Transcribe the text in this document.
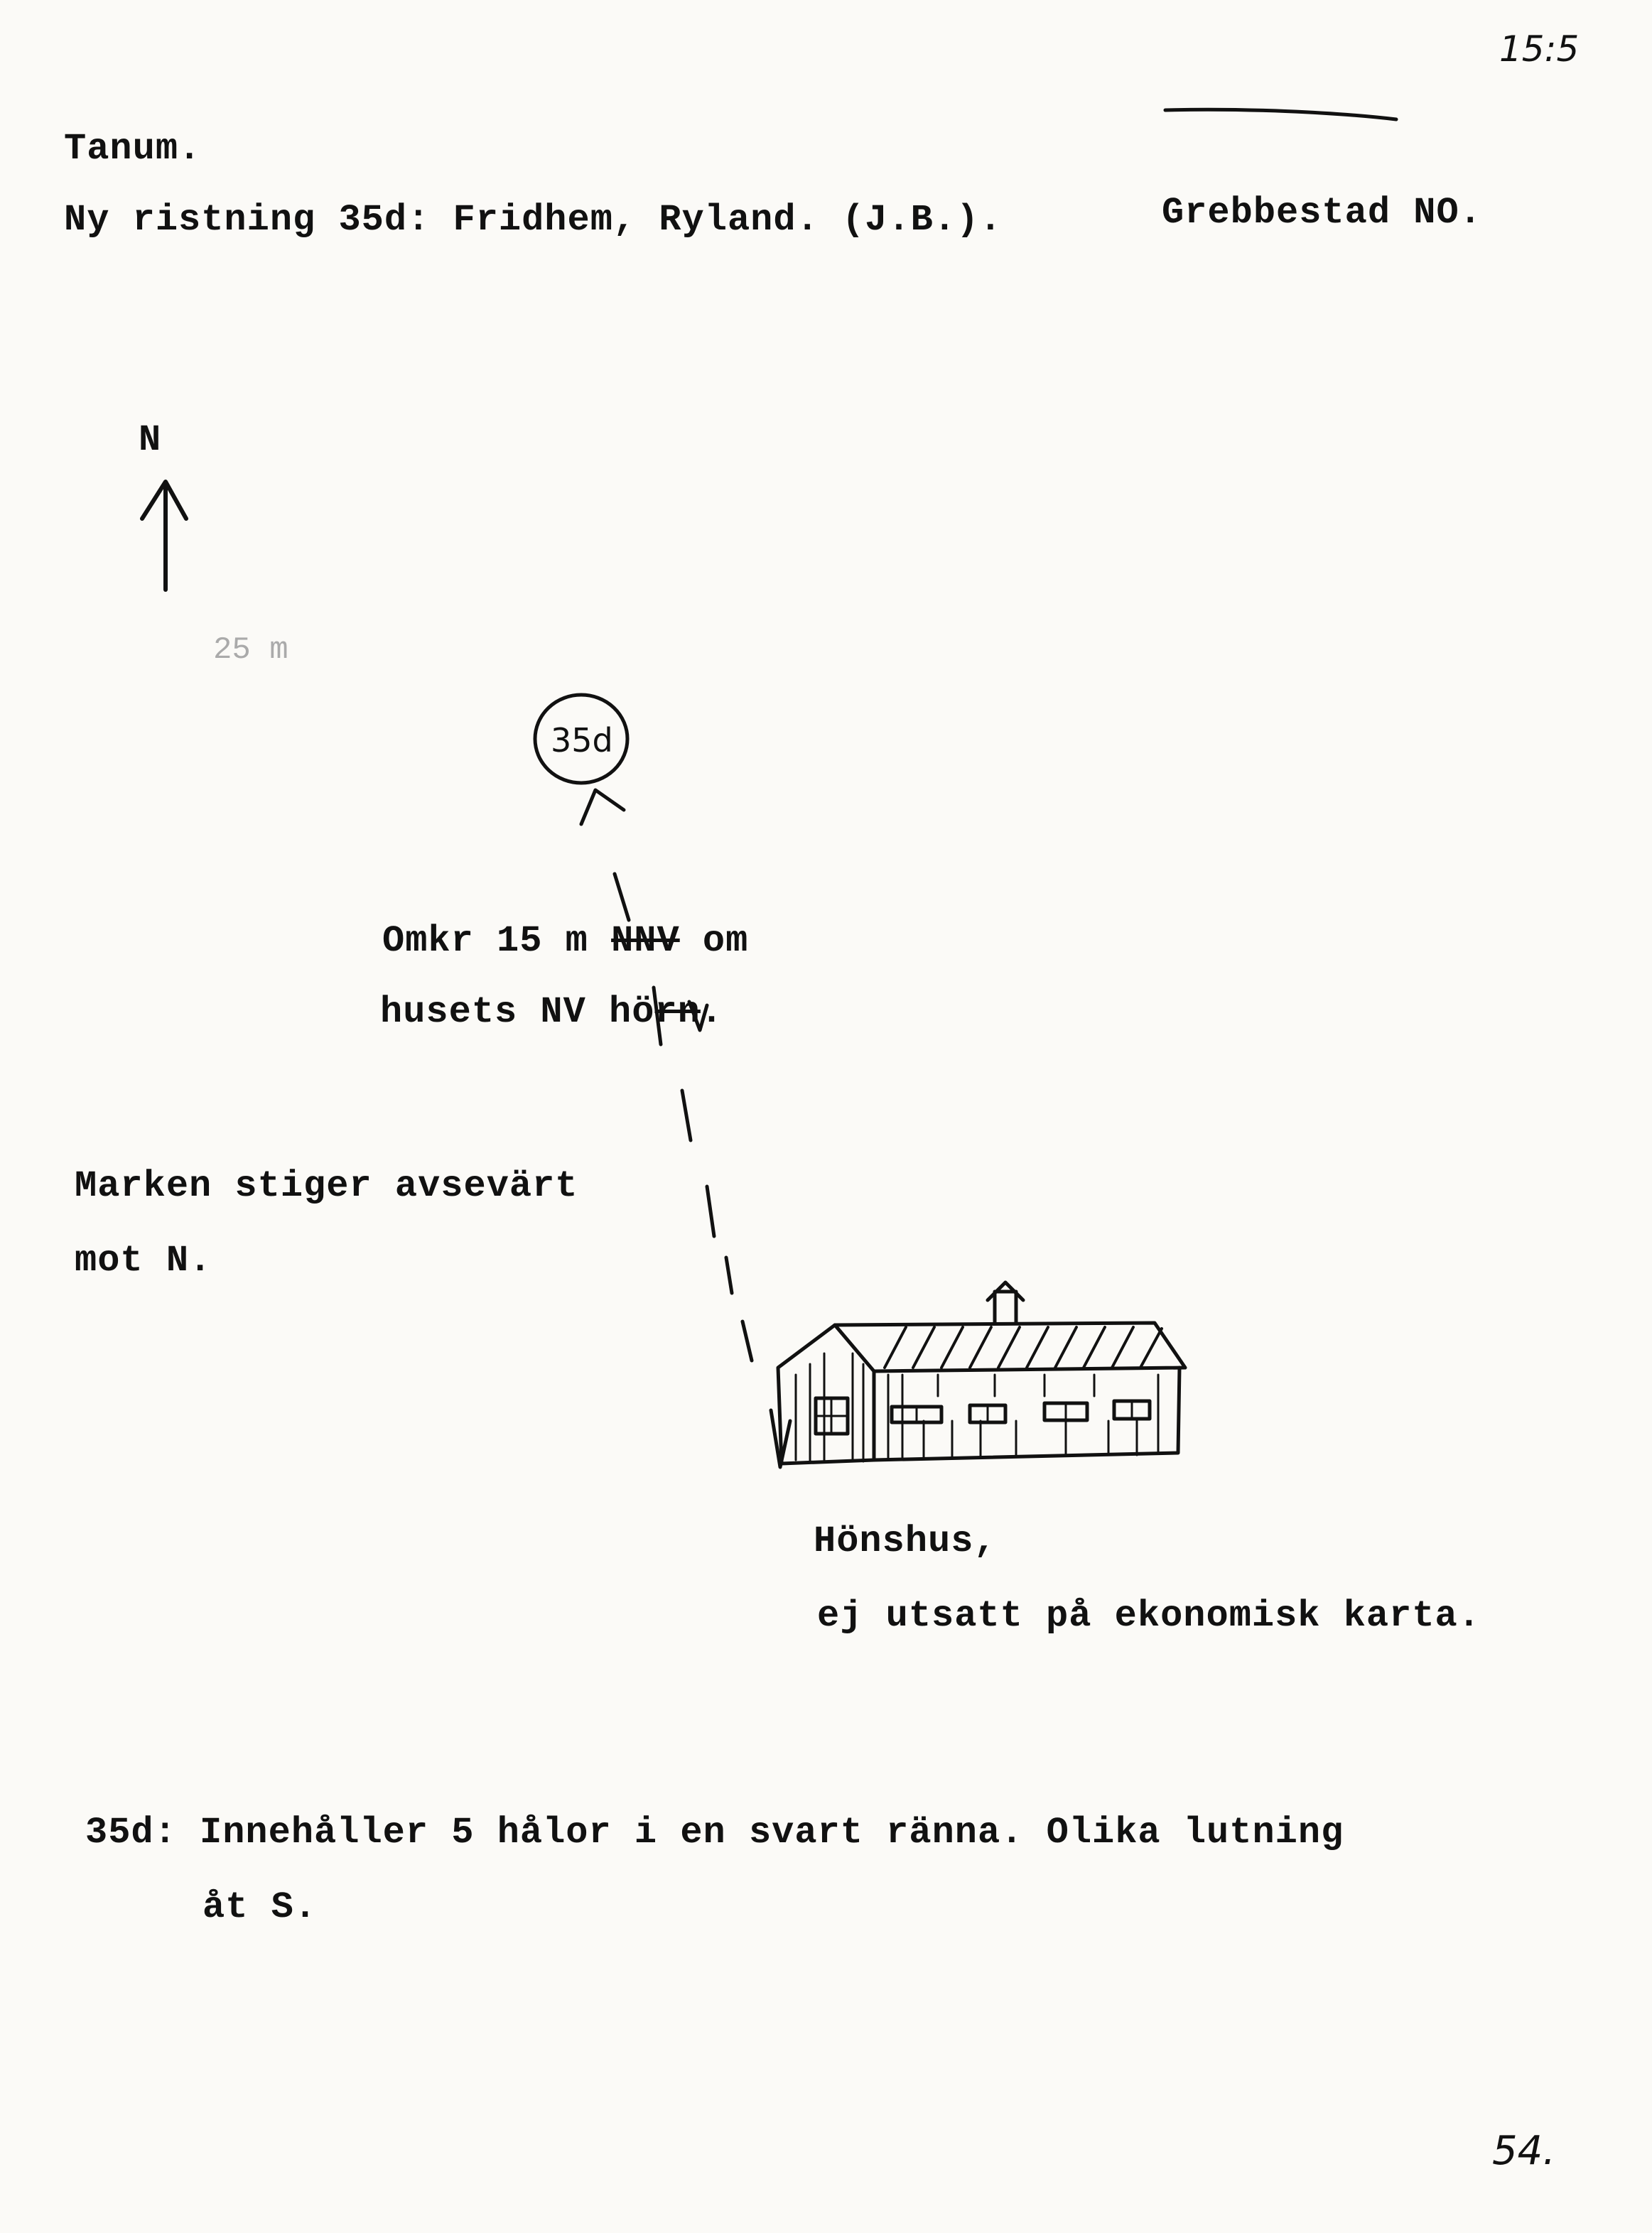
15:5
Tanum.
Ny ristning 35d: Fridhem, Ryland. (J.B.).	Grebbestad NO.
N
25 m
35d
Omkr 15 m NNV om
husets NV hörn.
Marken stiger avsevärt
mot N.
Hönshus,
ej utsatt på ekonomisk karta.
35d: Innehåller 5 hålor i en svart ränna. Olika lutning
åt S.
54.
